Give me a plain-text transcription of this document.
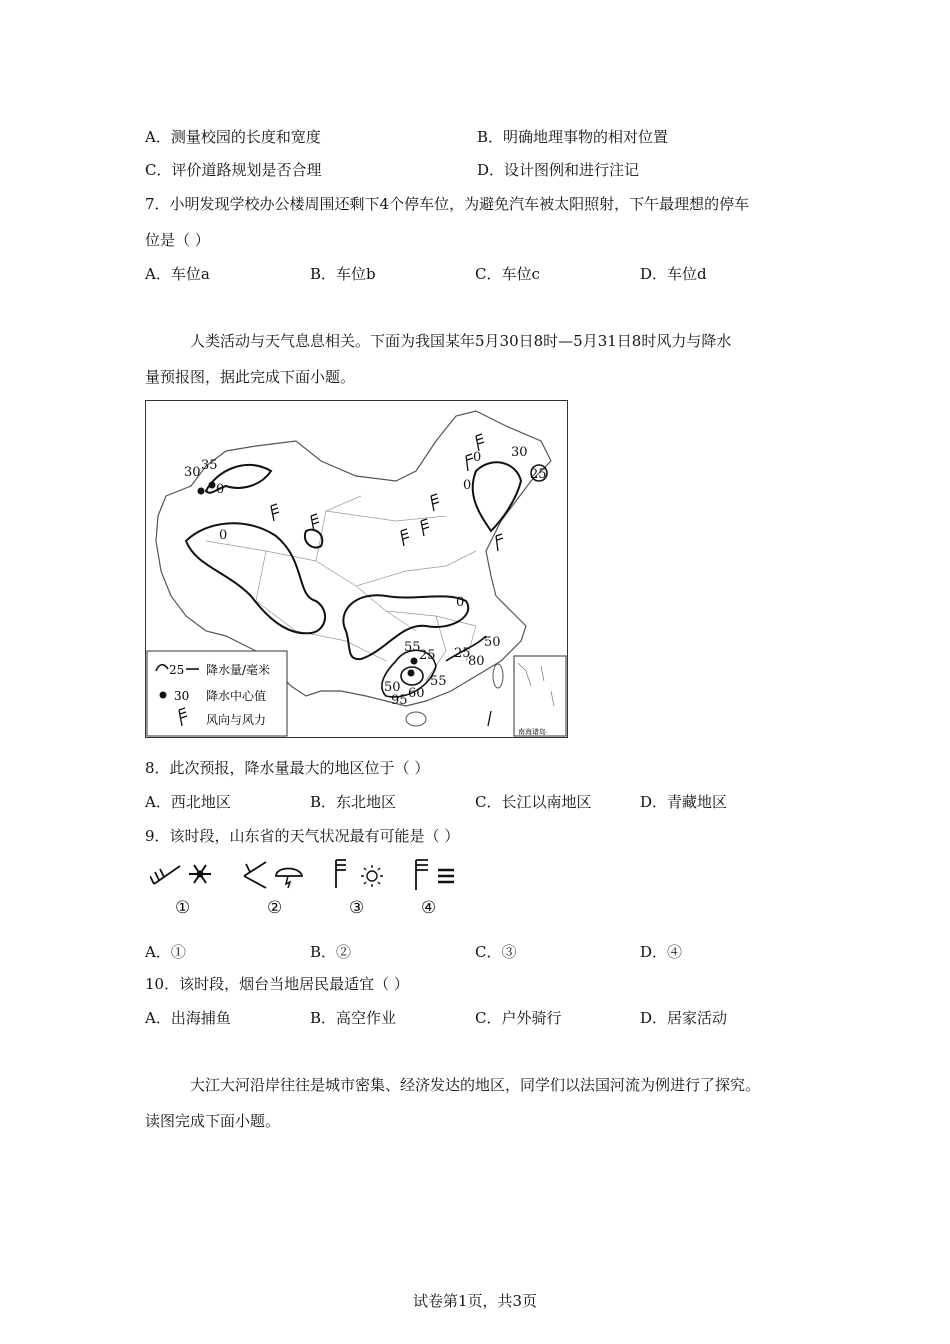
A．测量校园的长度和宽度	B．明确地理事物的相对位置
C．评价道路规划是否合理	D．设计图例和进行注记
7．小明发现学校办公楼周围还剩下4个停车位，为避免汽车被太阳照射，下午最理想的停车
位是（ ）
A．车位a	B．车位b	C．车位c	D．车位d
人类活动与天气息息相关。下面为我国某年5月30日8时—5月31日8时风力与降水
量预报图，据此完成下面小题。
30 35
0
0
0
0
0
30
25
55
25 25
50
80
50 60
95
55
25 降水量/毫米
30 降水中心值
风向与风力
南海诸岛
8．此次预报，降水量最大的地区位于（ ）
A．西北地区	B．东北地区	C．长江以南地区	D．青藏地区
9．该时段，山东省的天气状况最有可能是（ ）
①	②	③	④
A．①	B．②	C．③	D．④
10．该时段，烟台当地居民最适宜（ ）
A．出海捕鱼	B．高空作业	C．户外骑行	D．居家活动
大江大河沿岸往往是城市密集、经济发达的地区，同学们以法国河流为例进行了探究。
读图完成下面小题。
试卷第1页，共3页
